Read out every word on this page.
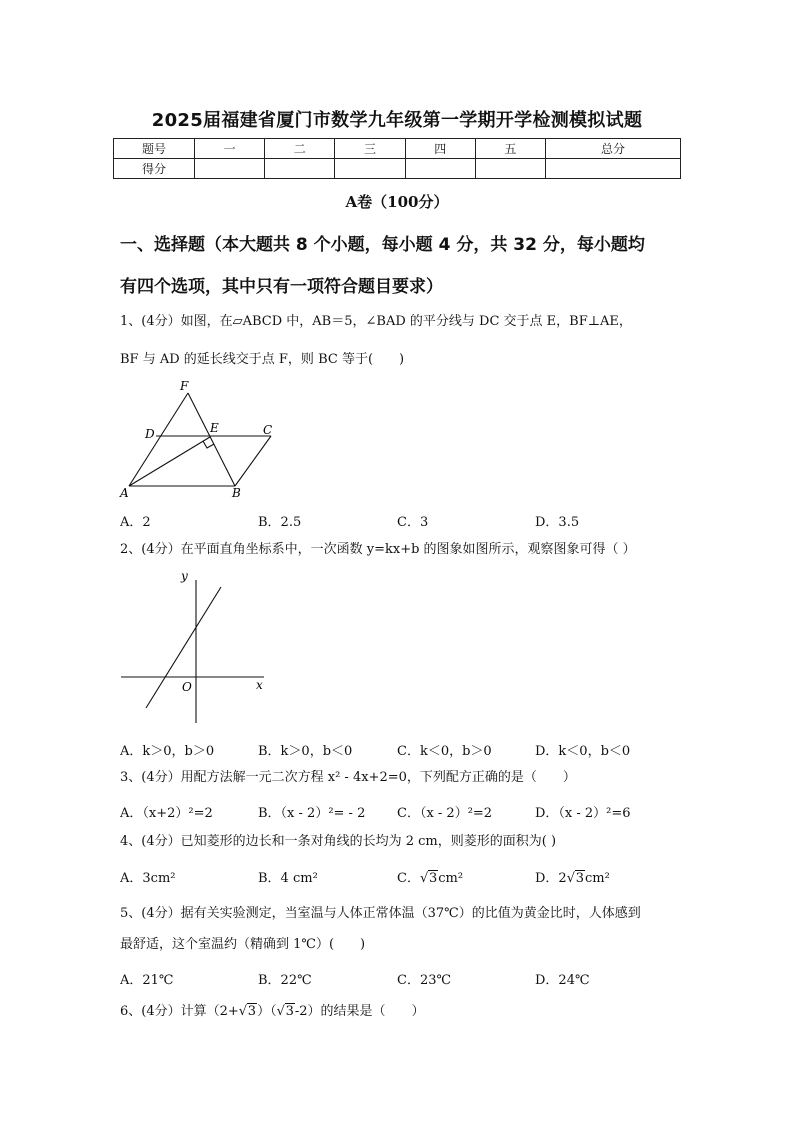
2025届福建省厦门市数学九年级第一学期开学检测模拟试题
题号	一	二	三	四	五	总分
得分						
A卷（100分）
一、选择题（本大题共 8 个小题，每小题 4 分，共 32 分，每小题均
有四个选项，其中只有一项符合题目要求）
1、(4分）如图，在▱ABCD 中，AB＝5，∠BAD 的平分线与 DC 交于点 E，BF⊥AE，
BF 与 AD 的延长线交于点 F，则 BC 等于(　　)
F
D	E	C
A	B
A．2	B．2.5	C．3	D．3.5
2、(4分）在平面直角坐标系中，一次函数 y=kx+b 的图象如图所示，观察图象可得（ ）
y
x
O
A．k＞0，b＞0	B．k＞0，b＜0	C．k＜0，b＞0	D．k＜0，b＜0
3、(4分）用配方法解一元二次方程 x² - 4x+2=0，下列配方正确的是（　　）
A．（x+2）²=2	B．（x - 2）²= - 2 C．（x - 2）²=2	D．（x - 2）²=6
4、(4分）已知菱形的边长和一条对角线的长均为 2 cm，则菱形的面积为( )
A．3cm²	B．4 cm²	C． √ 3cm²	D．2 √ 3cm²
5、(4分）据有关实验测定，当室温与人体正常体温（37℃）的比值为黄金比时，人体感到
最舒适，这个室温约（精确到 1℃）(　　)
A．21℃	B．22℃	C．23℃	D．24℃
6、(4分）计算（2+ √ 3）（ √ 3-2）的结果是（　　）
